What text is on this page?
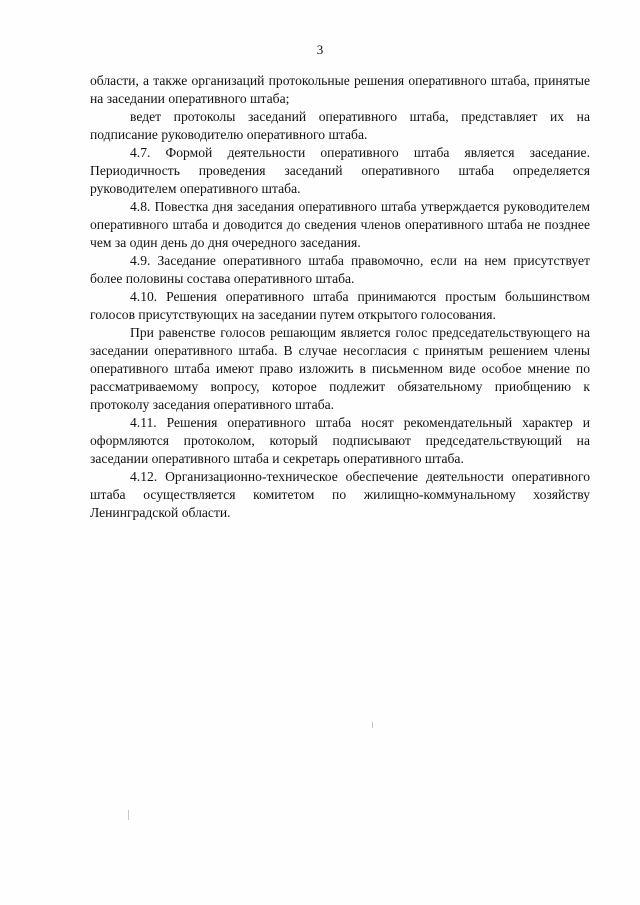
3

области, а также организаций протокольные решения оперативного штаба, принятые на заседании оперативного штаба;

ведет протоколы заседаний оперативного штаба, представляет их на подписание руководителю оперативного штаба.

4.7. Формой деятельности оперативного штаба является заседание. Периодичность проведения заседаний оперативного штаба определяется руководителем оперативного штаба.

4.8. Повестка дня заседания оперативного штаба утверждается руководителем оперативного штаба и доводится до сведения членов оперативного штаба не позднее чем за один день до дня очередного заседания.

4.9. Заседание оперативного штаба правомочно, если на нем присутствует более половины состава оперативного штаба.

4.10. Решения оперативного штаба принимаются простым большинством голосов присутствующих на заседании путем открытого голосования.

При равенстве голосов решающим является голос председательствующего на заседании оперативного штаба. В случае несогласия с принятым решением члены оперативного штаба имеют право изложить в письменном виде особое мнение по рассматриваемому вопросу, которое подлежит обязательному приобщению к протоколу заседания оперативного штаба.

4.11. Решения оперативного штаба носят рекомендательный характер и оформляются протоколом, который подписывают председательствующий на заседании оперативного штаба и секретарь оперативного штаба.

4.12. Организационно-техническое обеспечение деятельности оперативного штаба осуществляется комитетом по жилищно-коммунальному хозяйству Ленинградской области.
